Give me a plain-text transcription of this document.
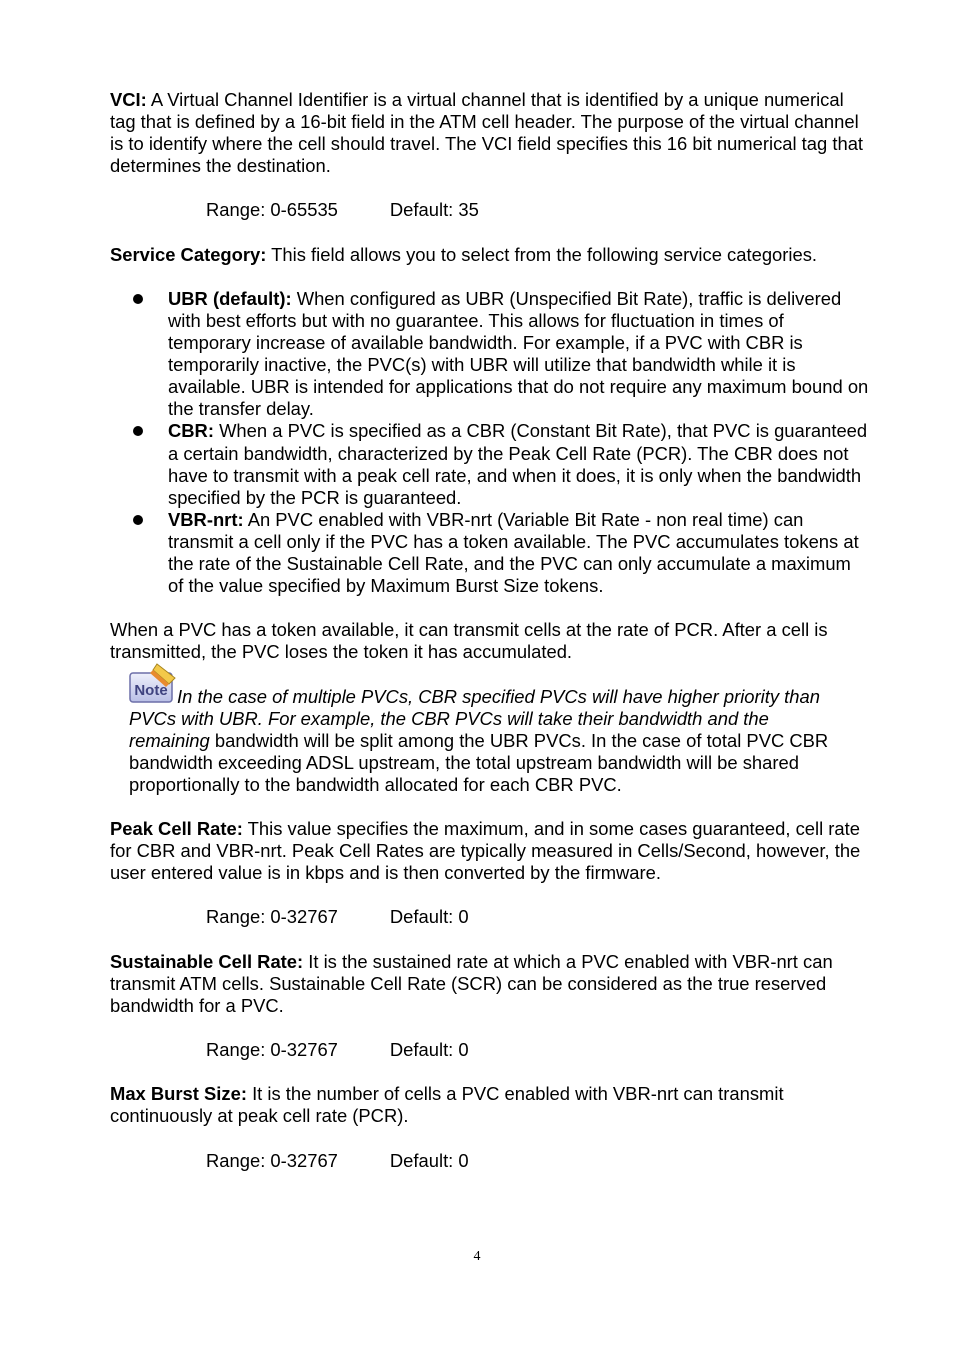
VCI: A Virtual Channel Identifier is a virtual channel that is identified by a unique numerical tag that is defined by a 16-bit field in the ATM cell header. The purpose of the virtual channel is to identify where the cell should travel. The VCI field specifies this 16 bit numerical tag that determines the destination.

Range: 0-65535	Default: 35

Service Category: This field allows you to select from the following service categories.

UBR (default): When configured as UBR (Unspecified Bit Rate), traffic is delivered with best efforts but with no guarantee. This allows for fluctuation in times of temporary increase of available bandwidth. For example, if a PVC with CBR is temporarily inactive, the PVC(s) with UBR will utilize that bandwidth while it is available. UBR is intended for applications that do not require any maximum bound on the transfer delay.
CBR: When a PVC is specified as a CBR (Constant Bit Rate), that PVC is guaranteed a certain bandwidth, characterized by the Peak Cell Rate (PCR). The CBR does not have to transmit with a peak cell rate, and when it does, it is only when the bandwidth specified by the PCR is guaranteed.
VBR-nrt: An PVC enabled with VBR-nrt (Variable Bit Rate - non real time) can transmit a cell only if the PVC has a token available. The PVC accumulates tokens at the rate of the Sustainable Cell Rate, and the PVC can only accumulate a maximum of the value specified by Maximum Burst Size tokens.

When a PVC has a token available, it can transmit cells at the rate of PCR. After a cell is transmitted, the PVC loses the token it has accumulated.

Note In the case of multiple PVCs, CBR specified PVCs will have higher priority than

PVCs with UBR. For example, the CBR PVCs will take their bandwidth and the

remaining bandwidth will be split among the UBR PVCs. In the case of total PVC CBR bandwidth exceeding ADSL upstream, the total upstream bandwidth will be shared proportionally to the bandwidth allocated for each CBR PVC.

Peak Cell Rate: This value specifies the maximum, and in some cases guaranteed, cell rate for CBR and VBR-nrt. Peak Cell Rates are typically measured in Cells/Second, however, the user entered value is in kbps and is then converted by the firmware.

Range: 0-32767	Default: 0

Sustainable Cell Rate: It is the sustained rate at which a PVC enabled with VBR-nrt can transmit ATM cells. Sustainable Cell Rate (SCR) can be considered as the true reserved bandwidth for a PVC.

Range: 0-32767	Default: 0

Max Burst Size: It is the number of cells a PVC enabled with VBR-nrt can transmit continuously at peak cell rate (PCR).

Range: 0-32767	Default: 0

4
